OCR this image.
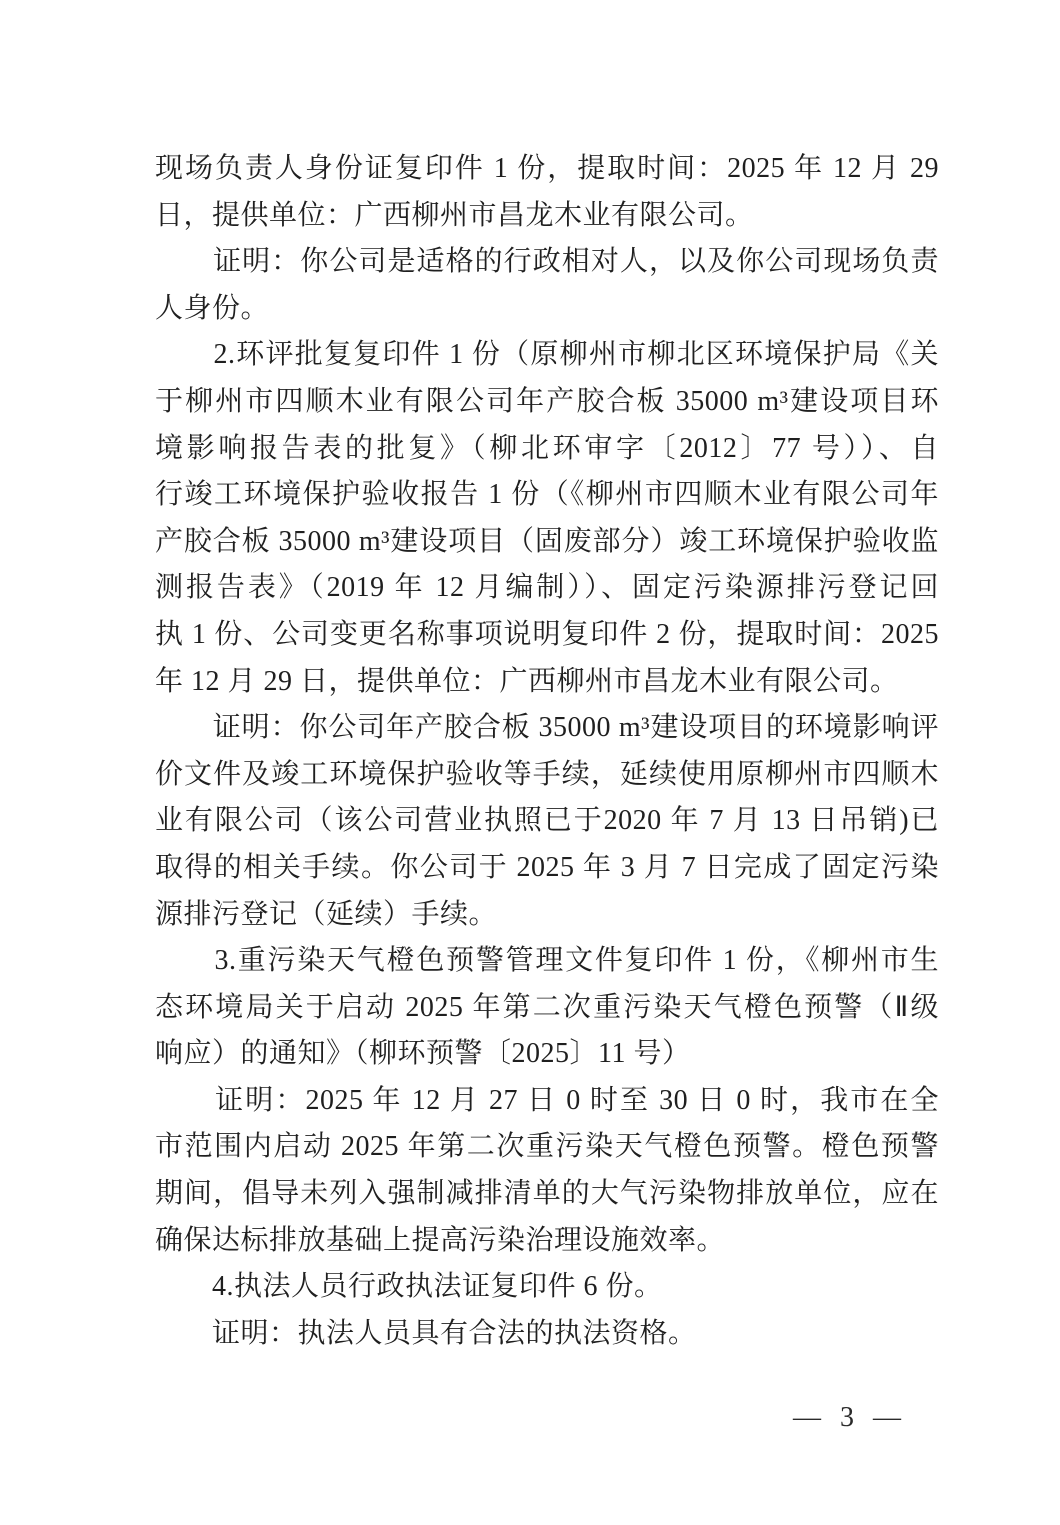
现场负责人身份证复印件 1 份，提取时间：2025 年 12 月 29
日，提供单位：广西柳州市昌龙木业有限公司。
　　证明：你公司是适格的行政相对人，以及你公司现场负责
人身份。
　　2.环评批复复印件 1 份（原柳州市柳北区环境保护局《关
于柳州市四顺木业有限公司年产胶合板 35000 m³建设项目环
境影响报告表的批复》（柳北环审字〔2012〕77 号））、自
行竣工环境保护验收报告 1 份（《柳州市四顺木业有限公司年
产胶合板 35000 m³建设项目（固废部分）竣工环境保护验收监
测报告表》（2019 年 12 月编制））、固定污染源排污登记回
执 1 份、公司变更名称事项说明复印件 2 份，提取时间：2025
年 12 月 29 日，提供单位：广西柳州市昌龙木业有限公司。
　　证明：你公司年产胶合板 35000 m³建设项目的环境影响评
价文件及竣工环境保护验收等手续，延续使用原柳州市四顺木
业有限公司（该公司营业执照已于2020 年 7 月 13 日吊销)已
取得的相关手续。你公司于 2025 年 3 月 7 日完成了固定污染
源排污登记（延续）手续。
　　3.重污染天气橙色预警管理文件复印件 1 份，《柳州市生
态环境局关于启动 2025 年第二次重污染天气橙色预警（Ⅱ级
响应）的通知》（柳环预警〔2025〕11 号）
　　证明：2025 年 12 月 27 日 0 时至 30 日 0 时，我市在全
市范围内启动 2025 年第二次重污染天气橙色预警。橙色预警
期间，倡导未列入强制减排清单的大气污染物排放单位，应在
确保达标排放基础上提高污染治理设施效率。
　　4.执法人员行政执法证复印件 6 份。
　　证明：执法人员具有合法的执法资格。
— 3 —
